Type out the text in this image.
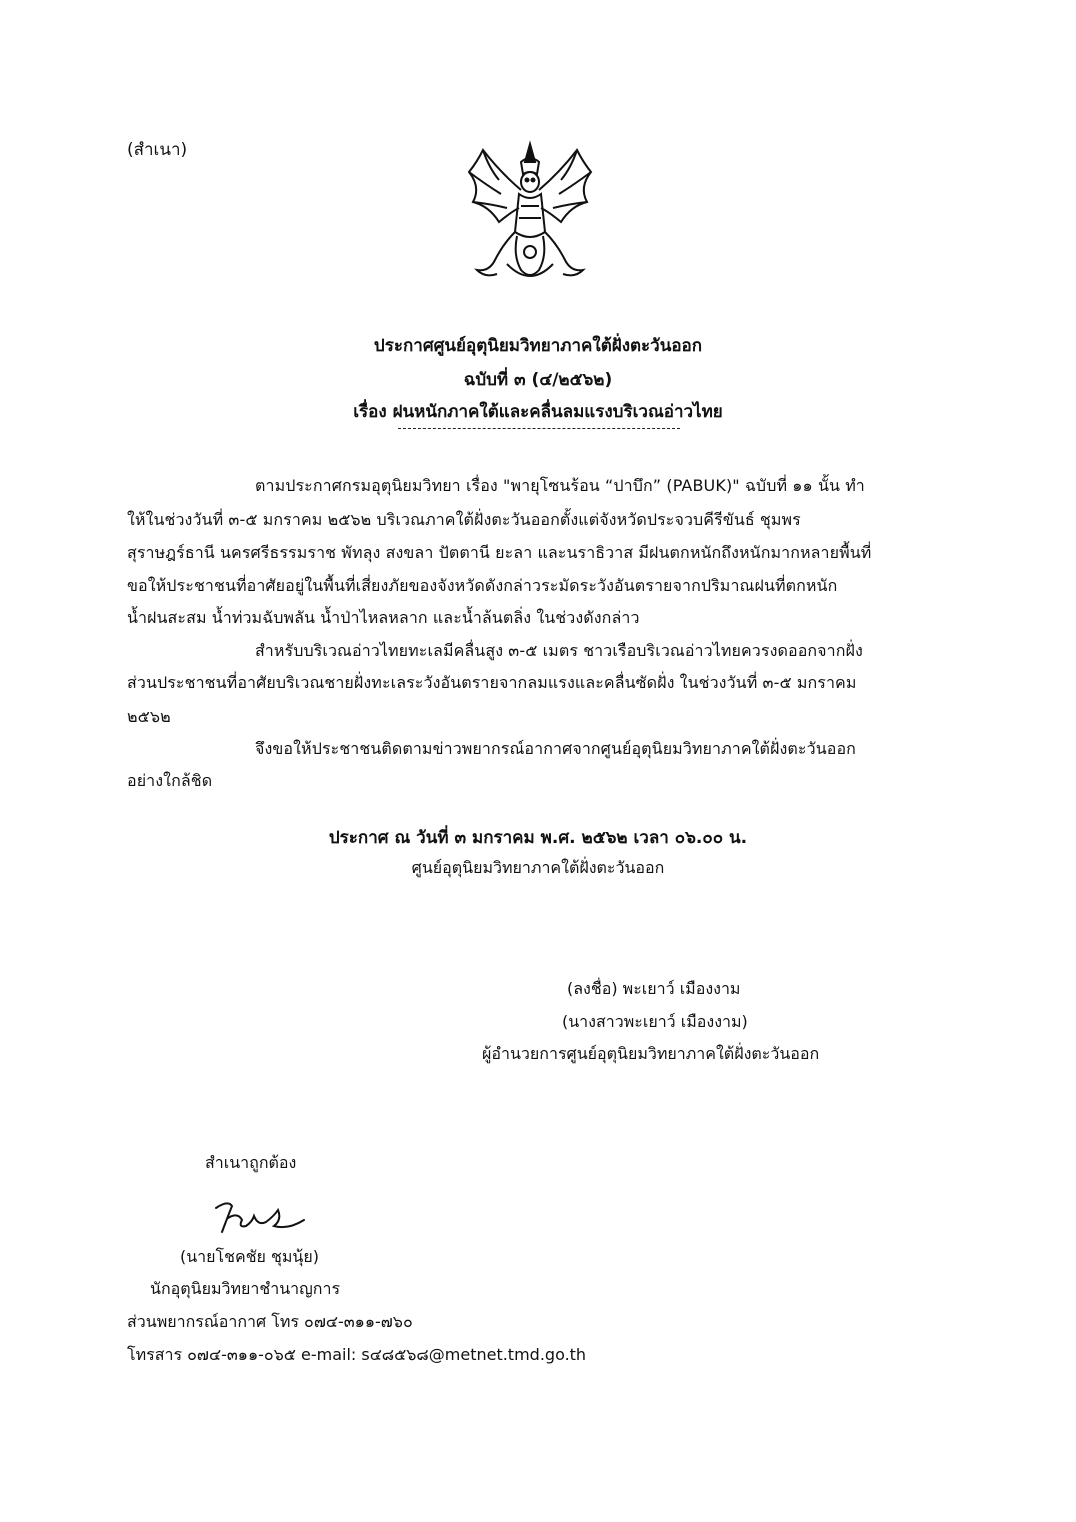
(สำเนา)
ประกาศศูนย์อุตุนิยมวิทยาภาคใต้ฝั่งตะวันออก
ฉบับที่ ๓ (๔/๒๕๖๒)
เรื่อง ฝนหนักภาคใต้และคลื่นลมแรงบริเวณอ่าวไทย
ตามประกาศกรมอุตุนิยมวิทยา เรื่อง "พายุโซนร้อน “ปาบึก” (PABUK)" ฉบับที่ ๑๑ นั้น ทำ
ให้ในช่วงวันที่ ๓-๕ มกราคม ๒๕๖๒ บริเวณภาคใต้ฝั่งตะวันออกตั้งแต่จังหวัดประจวบคีรีขันธ์ ชุมพร
สุราษฎร์ธานี นครศรีธรรมราช พัทลุง สงขลา ปัตตานี ยะลา และนราธิวาส มีฝนตกหนักถึงหนักมากหลายพื้นที่
ขอให้ประชาชนที่อาศัยอยู่ในพื้นที่เสี่ยงภัยของจังหวัดดังกล่าวระมัดระวังอันตรายจากปริมาณฝนที่ตกหนัก
น้ำฝนสะสม น้ำท่วมฉับพลัน น้ำป่าไหลหลาก และน้ำล้นตลิ่ง ในช่วงดังกล่าว
สำหรับบริเวณอ่าวไทยทะเลมีคลื่นสูง ๓-๕ เมตร ชาวเรือบริเวณอ่าวไทยควรงดออกจากฝั่ง
ส่วนประชาชนที่อาศัยบริเวณชายฝั่งทะเลระวังอันตรายจากลมแรงและคลื่นซัดฝั่ง ในช่วงวันที่ ๓-๕ มกราคม
๒๕๖๒
จึงขอให้ประชาชนติดตามข่าวพยากรณ์อากาศจากศูนย์อุตุนิยมวิทยาภาคใต้ฝั่งตะวันออก
อย่างใกล้ชิด
ประกาศ ณ วันที่ ๓ มกราคม พ.ศ. ๒๕๖๒ เวลา ๐๖.๐๐ น.
ศูนย์อุตุนิยมวิทยาภาคใต้ฝั่งตะวันออก
(ลงชื่อ) พะเยาว์ เมืองงาม
(นางสาวพะเยาว์ เมืองงาม)
ผู้อำนวยการศูนย์อุตุนิยมวิทยาภาคใต้ฝั่งตะวันออก
สำเนาถูกต้อง
(นายโชคชัย ชุมนุ้ย)
นักอุตุนิยมวิทยาชำนาญการ
ส่วนพยากรณ์อากาศ โทร ๐๗๔-๓๑๑-๗๖๐
โทรสาร ๐๗๔-๓๑๑-๐๖๕ e-mail: s๔๘๕๖๘@metnet.tmd.go.th
